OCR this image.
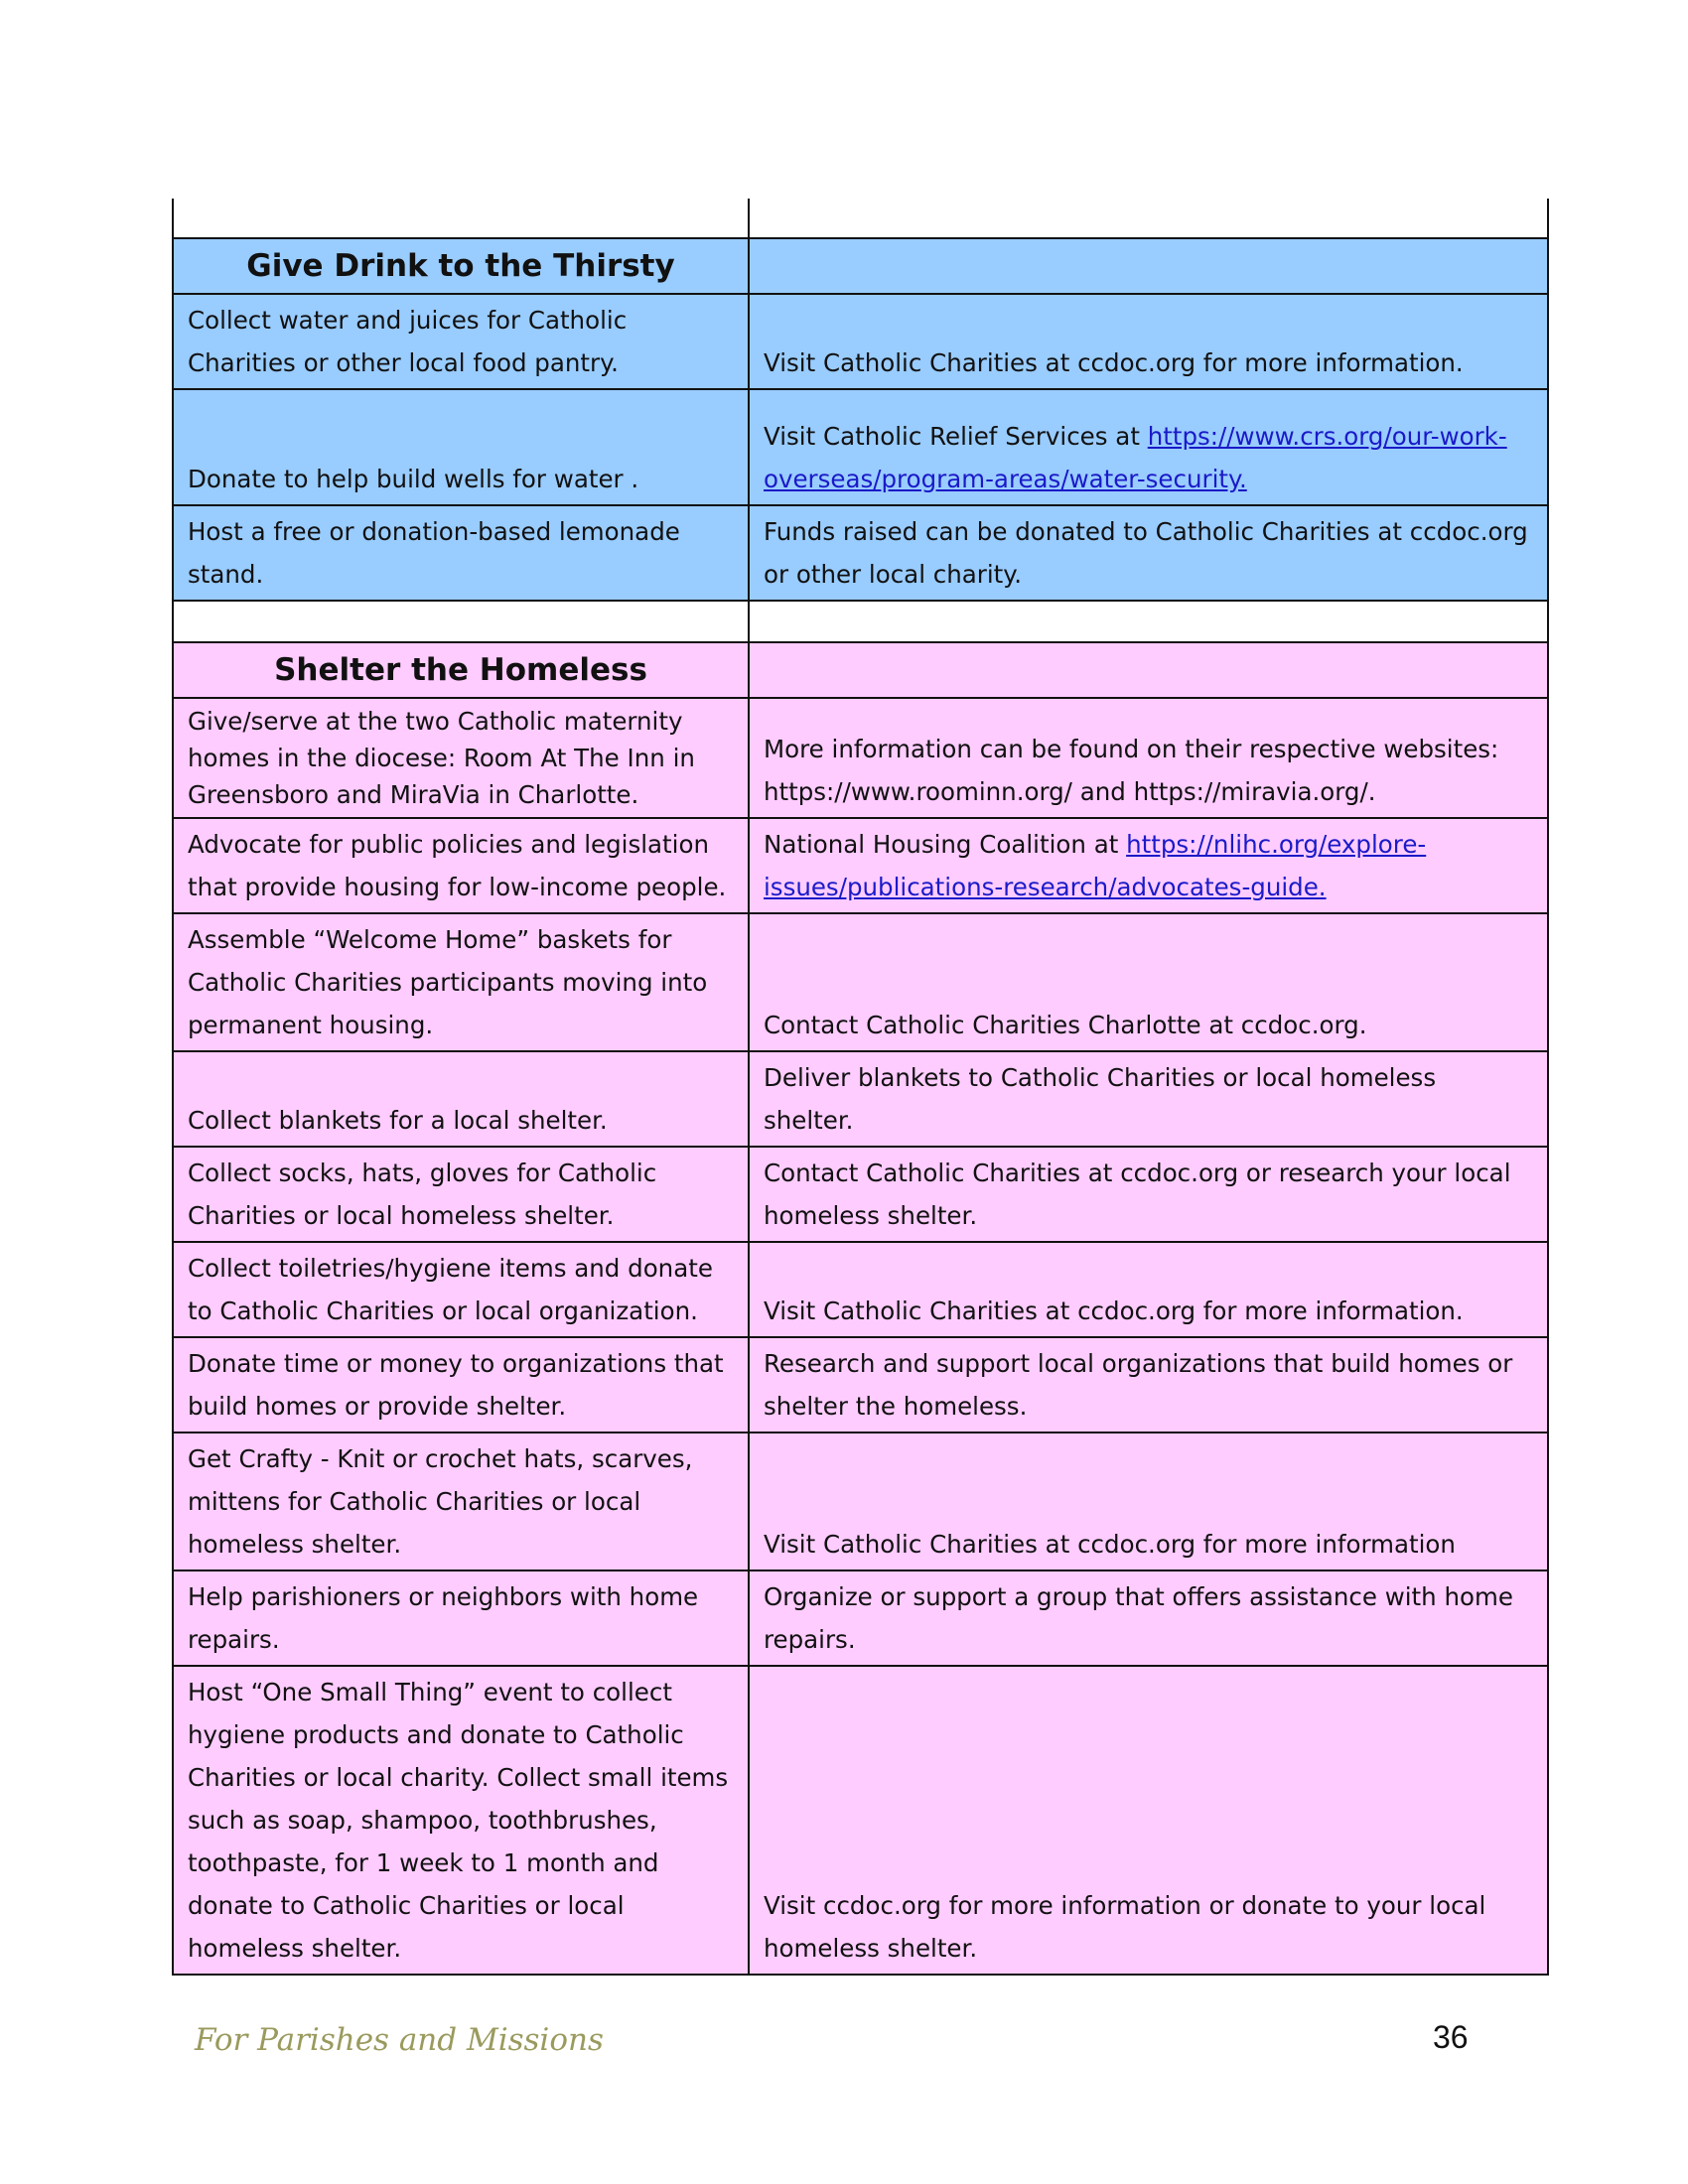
Give Drink to the Thirsty	
Collect water and juices for Catholic Charities or other local food pantry.	Visit Catholic Charities at ccdoc.org for more information.
Donate to help build wells for water .	Visit Catholic Relief Services at https://www.crs.org/our-work-overseas/program-areas/water-security.
Host a free or donation-based lemonade stand.	Funds raised can be donated to Catholic Charities at ccdoc.org or other local charity.

Shelter the Homeless	
Give/serve at the two Catholic maternity homes in the diocese: Room At The Inn in Greensboro and MiraVia in Charlotte.	More information can be found on their respective websites: https://www.roominn.org/ and https://miravia.org/.
Advocate for public policies and legislation that provide housing for low-income people.	National Housing Coalition at https://nlihc.org/explore-issues/publications-research/advocates-guide.
Assemble “Welcome Home” baskets for Catholic Charities participants moving into permanent housing.	Contact Catholic Charities Charlotte at ccdoc.org.
Collect blankets for a local shelter.	Deliver blankets to Catholic Charities or local homeless shelter.
Collect socks, hats, gloves for Catholic Charities or local homeless shelter.	Contact Catholic Charities at ccdoc.org or research your local homeless shelter.
Collect toiletries/hygiene items and donate to Catholic Charities or local organization.	Visit Catholic Charities at ccdoc.org for more information.
Donate time or money to organizations that build homes or provide shelter.	Research and support local organizations that build homes or shelter the homeless.
Get Crafty - Knit or crochet hats, scarves, mittens for Catholic Charities or local homeless shelter.	Visit Catholic Charities at ccdoc.org for more information
Help parishioners or neighbors with home repairs.	Organize or support a group that offers assistance with home repairs.
Host “One Small Thing” event to collect hygiene products and donate to Catholic Charities or local charity. Collect small items such as soap, shampoo, toothbrushes, toothpaste, for 1 week to 1 month and donate to Catholic Charities or local homeless shelter.	Visit ccdoc.org for more information or donate to your local homeless shelter.
For Parishes and Missions	36
